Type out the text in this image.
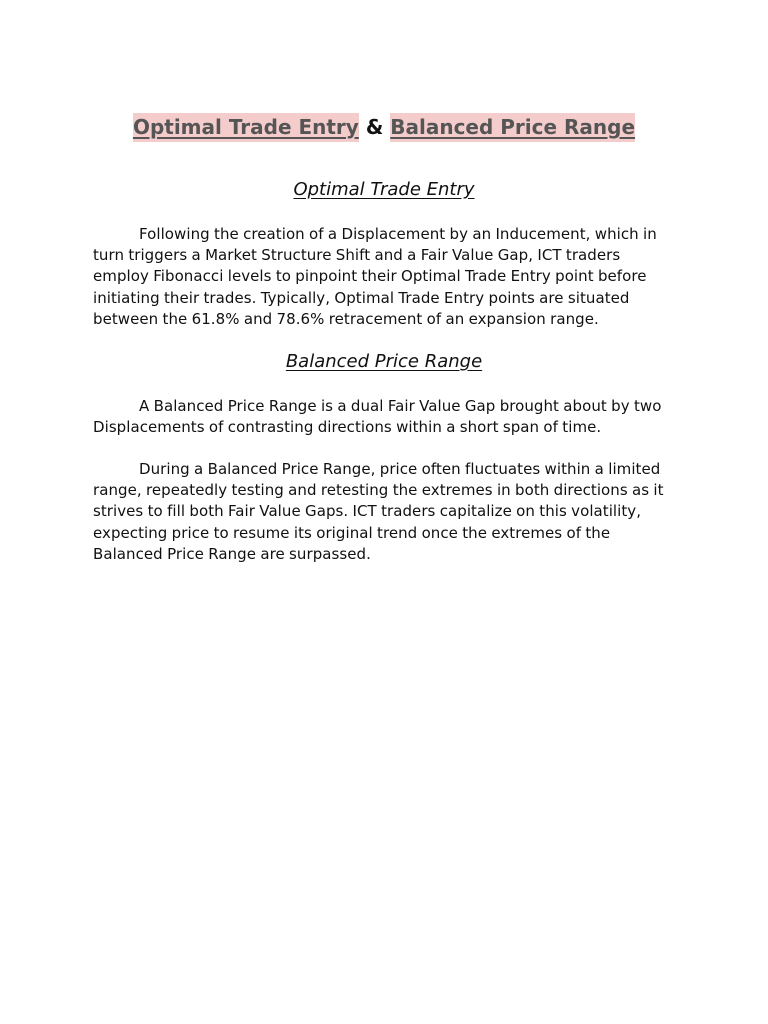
Optimal Trade Entry & Balanced Price Range
Optimal Trade Entry

Following the creation of a Displacement by an Inducement, which in turn triggers a Market Structure Shift and a Fair Value Gap, ICT traders employ Fibonacci levels to pinpoint their Optimal Trade Entry point before initiating their trades. Typically, Optimal Trade Entry points are situated between the 61.8% and 78.6% retracement of an expansion range.

Balanced Price Range

A Balanced Price Range is a dual Fair Value Gap brought about by two Displacements of contrasting directions within a short span of time.

During a Balanced Price Range, price often fluctuates within a limited range, repeatedly testing and retesting the extremes in both directions as it strives to fill both Fair Value Gaps. ICT traders capitalize on this volatility, expecting price to resume its original trend once the extremes of the Balanced Price Range are surpassed.
